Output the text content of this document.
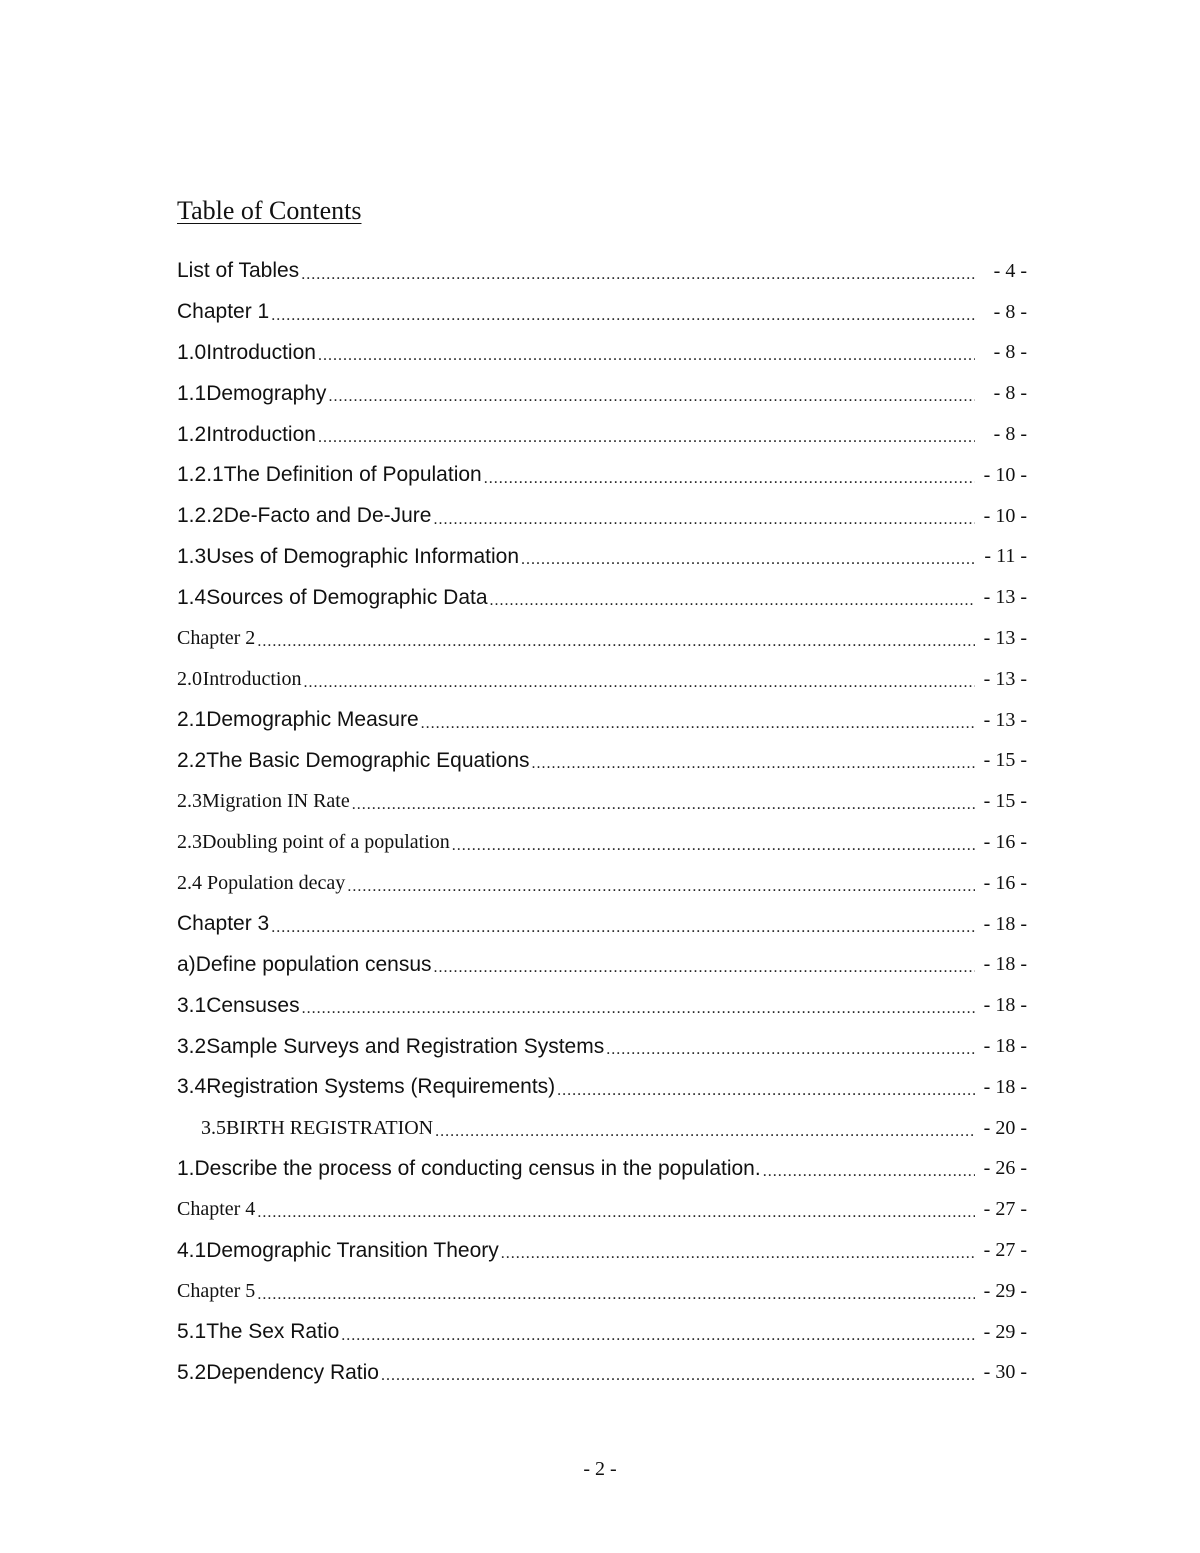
Table of Contents
List of Tables .....	- 4 -
Chapter 1 .....	- 8 -
1.0 Introduction .....	- 8 -
1.1 Demography .....	- 8 -
1.2 Introduction .....	- 8 -
1.2.1 The Definition of Population .....	- 10 -
1.2.2 De-Facto and De-Jure .....	- 10 -
1.3 Uses of Demographic Information .....	- 11 -
1.4 Sources of Demographic Data .....	- 13 -
Chapter 2 .....	- 13 -
2.0 Introduction .....	- 13 -
2.1 Demographic Measure .....	- 13 -
2.2 The Basic Demographic Equations .....	- 15 -
2.3 Migration IN Rate .....	- 15 -
2.3 Doubling point of a population .....	- 16 -
2.4 Population decay .....	- 16 -
Chapter 3 .....	- 18 -
a) Define population census .....	- 18 -
3.1 Censuses .....	- 18 -
3.2 Sample Surveys and Registration Systems .....	- 18 -
3.4 Registration Systems (Requirements) .....	- 18 -
3.5 BIRTH REGISTRATION .....	- 20 -
1. Describe the process of conducting census in the population. .....	- 26 -
Chapter 4 .....	- 27 -
4.1 Demographic Transition Theory .....	- 27 -
Chapter 5 .....	- 29 -
5.1 The Sex Ratio .....	- 29 -
5.2 Dependency Ratio .....	- 30 -
- 2 -
